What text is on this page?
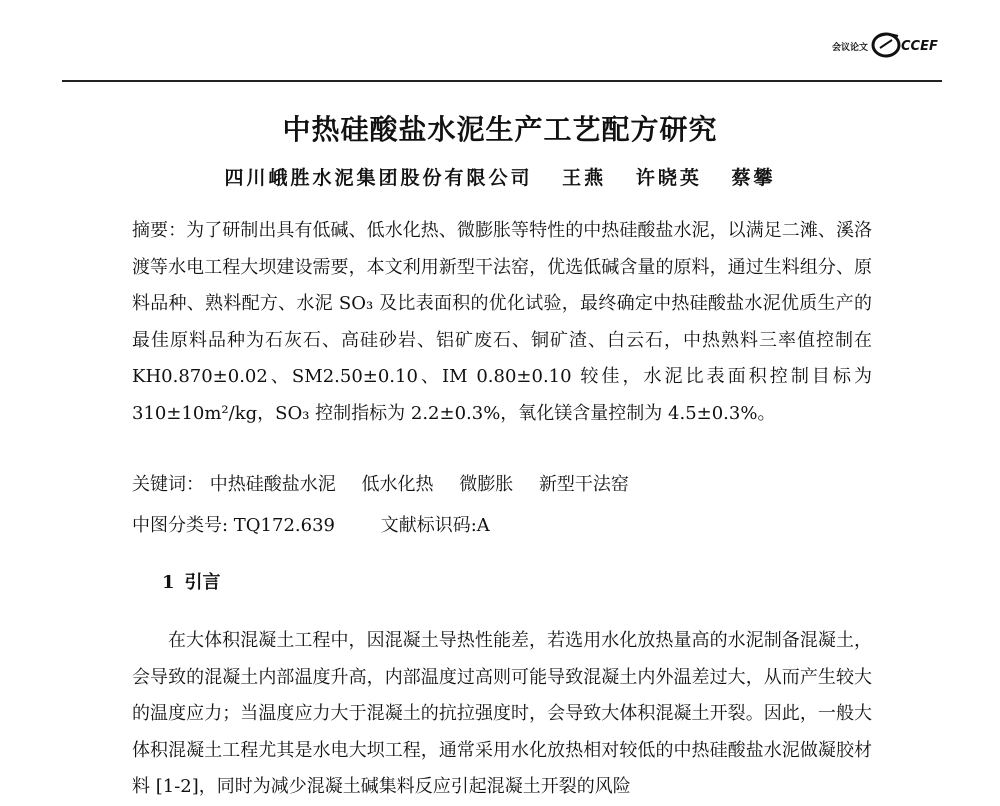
会议论文	CCEF
中热硅酸盐水泥生产工艺配方研究
四川峨胜水泥集团股份有限公司 王燕 许晓英 蔡攀

摘要：为了研制出具有低碱、低水化热、微膨胀等特性的中热硅酸盐水泥，以满足二滩、溪洛渡等水电工程大坝建设需要，本文利用新型干法窑，优选低碱含量的原料，通过生料组分、原料品种、熟料配方、水泥 SO₃ 及比表面积的优化试验，最终确定中热硅酸盐水泥优质生产的最佳原料品种为石灰石、高硅砂岩、铝矿废石、铜矿渣、白云石，中热熟料三率值控制在 KH0.870±0.02、SM2.50±0.10、IM 0.80±0.10 较佳，水泥比表面积控制目标为 310±10m²/kg，SO₃ 控制指标为 2.2±0.3%，氧化镁含量控制为 4.5±0.3%。

关键词： 中热硅酸盐水泥 低水化热 微膨胀 新型干法窑
中图分类号: TQ172.639	文献标识码:A
1 引言

在大体积混凝土工程中，因混凝土导热性能差，若选用水化放热量高的水泥制备混凝土，会导致的混凝土内部温度升高，内部温度过高则可能导致混凝土内外温差过大，从而产生较大的温度应力；当温度应力大于混凝土的抗拉强度时，会导致大体积混凝土开裂。因此，一般大体积混凝土工程尤其是水电大坝工程，通常采用水化放热相对较低的中热硅酸盐水泥做凝胶材料 [1-2]，同时为减少混凝土碱集料反应引起混凝土开裂的风险
